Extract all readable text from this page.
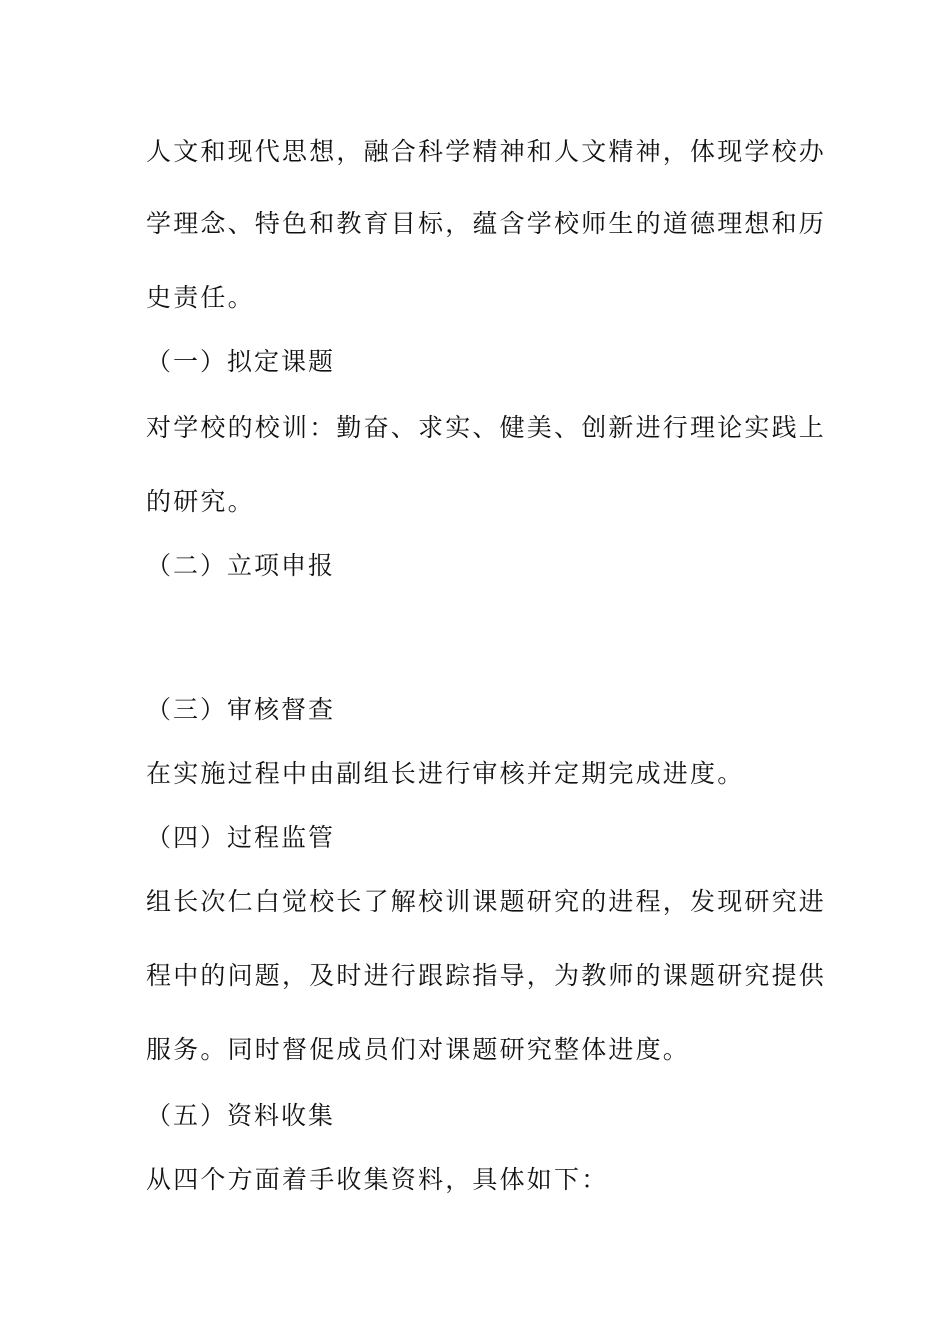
人文和现代思想，融合科学精神和人文精神，体现学校办
学理念、特色和教育目标，蕴含学校师生的道德理想和历
史责任。
（一）拟定课题
对学校的校训：勤奋、求实、健美、创新进行理论实践上
的研究。
（二）立项申报
（三）审核督查
在实施过程中由副组长进行审核并定期完成进度。
（四）过程监管
组长次仁白觉校长了解校训课题研究的进程，发现研究进
程中的问题，及时进行跟踪指导，为教师的课题研究提供
服务。同时督促成员们对课题研究整体进度。
（五）资料收集
从四个方面着手收集资料，具体如下：
